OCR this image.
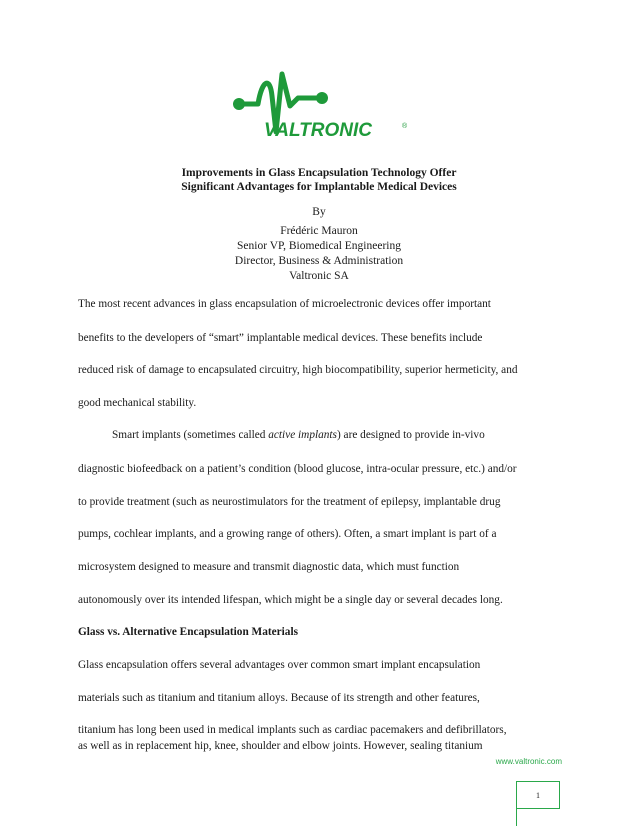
VALTRONIC	®
Improvements in Glass Encapsulation Technology Offer
Significant Advantages for Implantable Medical Devices
By
Frédéric Mauron
Senior VP, Biomedical Engineering
Director, Business & Administration
Valtronic SA
The most recent advances in glass encapsulation of microelectronic devices offer important
benefits to the developers of “smart” implantable medical devices. These benefits include
reduced risk of damage to encapsulated circuitry, high biocompatibility, superior hermeticity, and
good mechanical stability.
Smart implants (sometimes called active implants) are designed to provide in-vivo
diagnostic biofeedback on a patient’s condition (blood glucose, intra-ocular pressure, etc.) and/or
to provide treatment (such as neurostimulators for the treatment of epilepsy, implantable drug
pumps, cochlear implants, and a growing range of others). Often, a smart implant is part of a
microsystem designed to measure and transmit diagnostic data, which must function
autonomously over its intended lifespan, which might be a single day or several decades long.
Glass vs. Alternative Encapsulation Materials
Glass encapsulation offers several advantages over common smart implant encapsulation
materials such as titanium and titanium alloys. Because of its strength and other features,
titanium has long been used in medical implants such as cardiac pacemakers and defibrillators,
as well as in replacement hip, knee, shoulder and elbow joints. However, sealing titanium
www.valtronic.com
1
